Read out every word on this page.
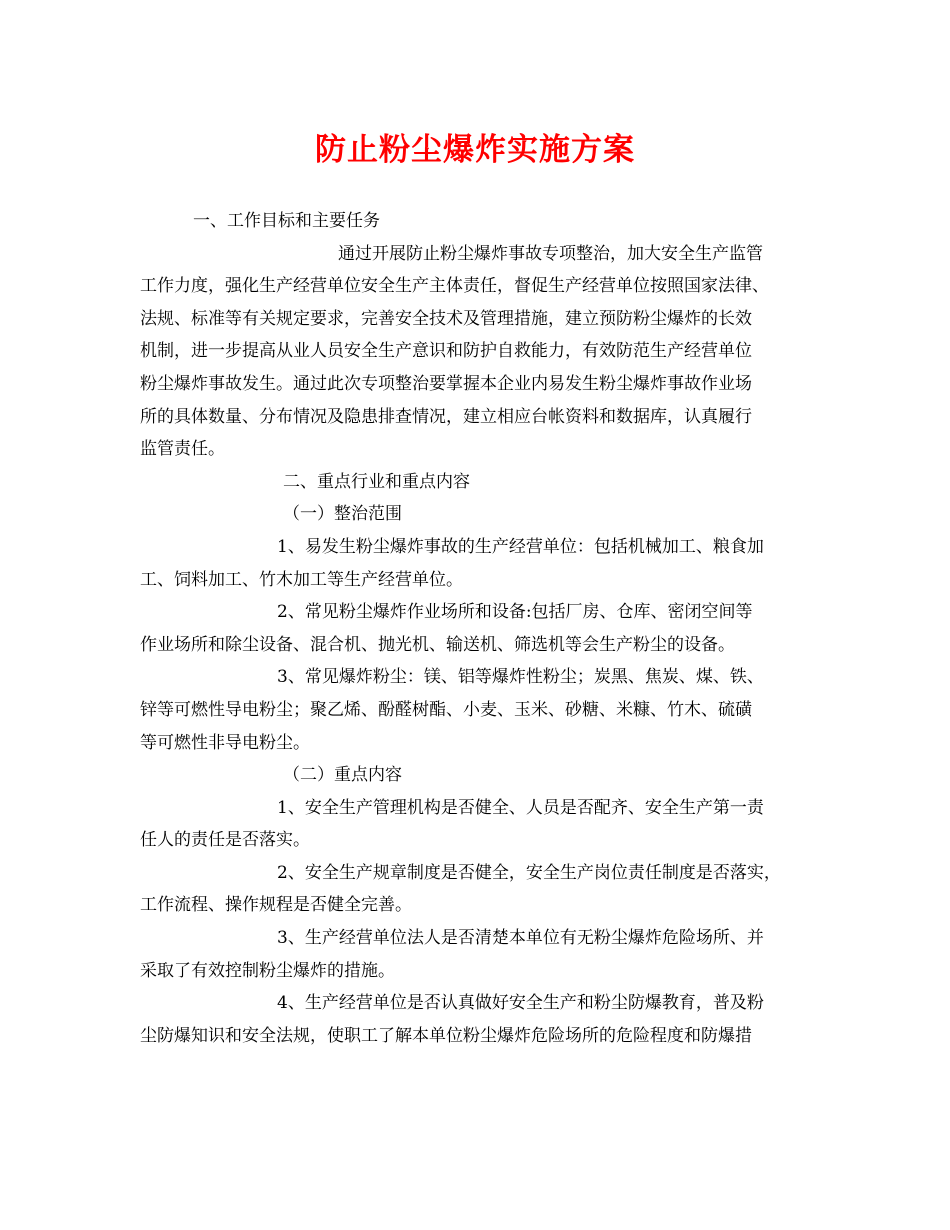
防止粉尘爆炸实施方案
一、工作目标和主要任务
通过开展防止粉尘爆炸事故专项整治，加大安全生产监管
工作力度，强化生产经营单位安全生产主体责任，督促生产经营单位按照国家法律、
法规、标准等有关规定要求，完善安全技术及管理措施，建立预防粉尘爆炸的长效
机制，进一步提高从业人员安全生产意识和防护自救能力，有效防范生产经营单位
粉尘爆炸事故发生。通过此次专项整治要掌握本企业内易发生粉尘爆炸事故作业场
所的具体数量、分布情况及隐患排查情况，建立相应台帐资料和数据库，认真履行
监管责任。
二、重点行业和重点内容
（一）整治范围
1、易发生粉尘爆炸事故的生产经营单位：包括机械加工、粮食加
工、饲料加工、竹木加工等生产经营单位。
2、常见粉尘爆炸作业场所和设备:包括厂房、仓库、密闭空间等
作业场所和除尘设备、混合机、抛光机、输送机、筛选机等会生产粉尘的设备。
3、常见爆炸粉尘：镁、铝等爆炸性粉尘；炭黑、焦炭、煤、铁、
锌等可燃性导电粉尘；聚乙烯、酚醛树酯、小麦、玉米、砂糖、米糠、竹木、硫磺
等可燃性非导电粉尘。
（二）重点内容
1、安全生产管理机构是否健全、人员是否配齐、安全生产第一责
任人的责任是否落实。
2、安全生产规章制度是否健全，安全生产岗位责任制度是否落实，
工作流程、操作规程是否健全完善。
3、生产经营单位法人是否清楚本单位有无粉尘爆炸危险场所、并
采取了有效控制粉尘爆炸的措施。
4、生产经营单位是否认真做好安全生产和粉尘防爆教育，普及粉
尘防爆知识和安全法规，使职工了解本单位粉尘爆炸危险场所的危险程度和防爆措
